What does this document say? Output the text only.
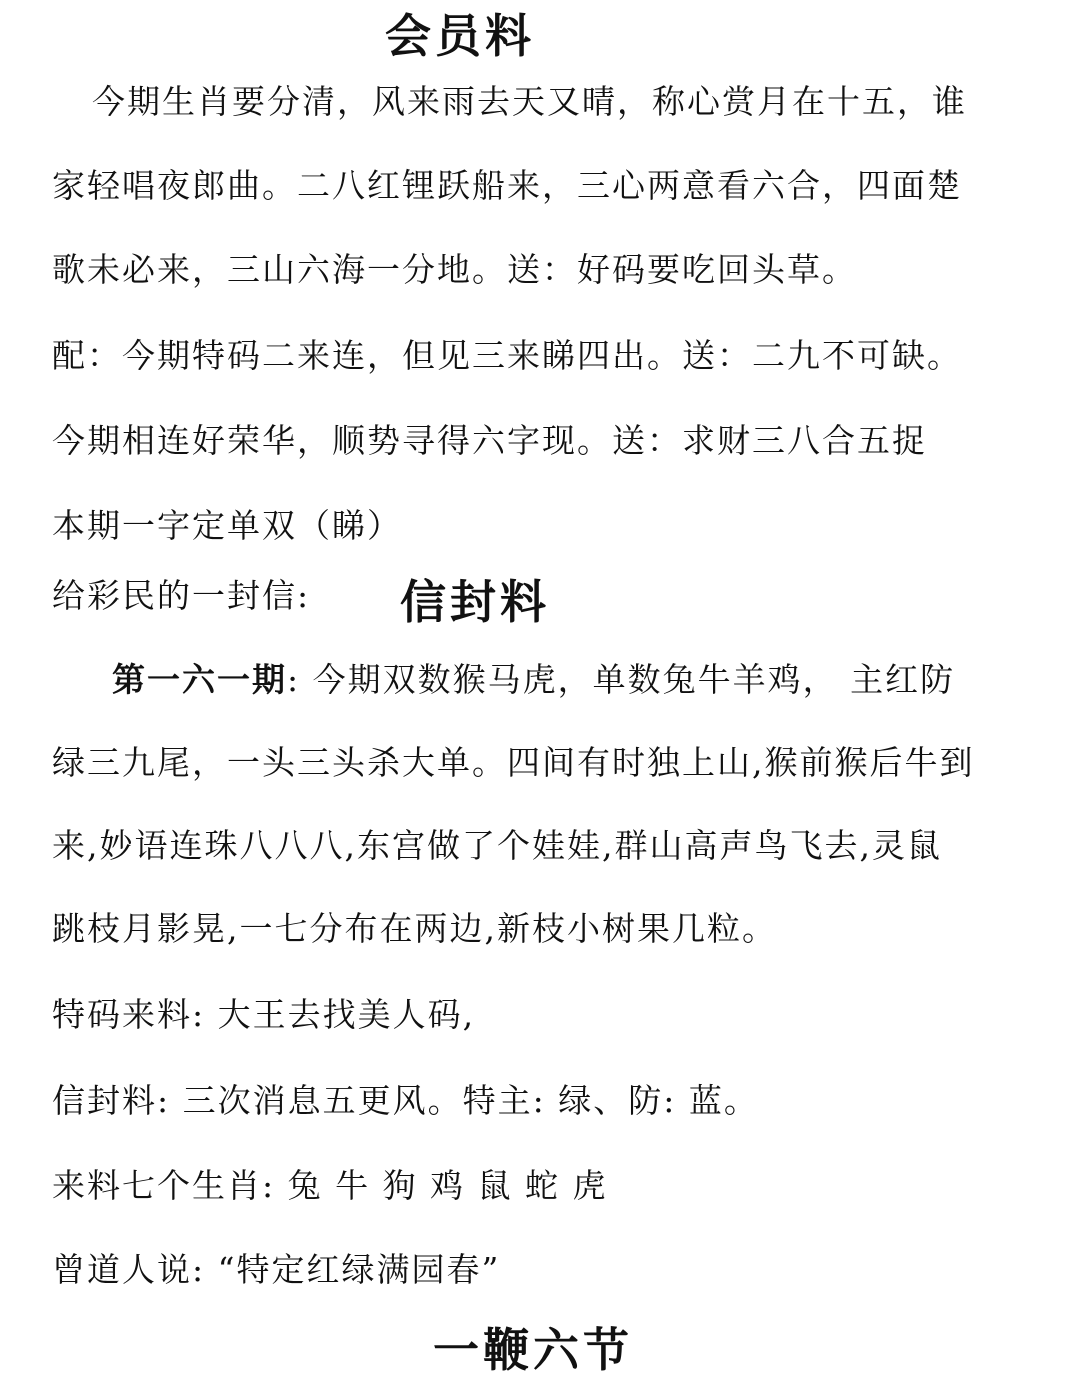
会员料
今期生肖要分清，风来雨去天又晴，称心赏月在十五，谁
家轻唱夜郎曲。二八红锂跃船来，三心两意看六合，四面楚
歌未必来，三山六海一分地。送：好码要吃回头草。
配：今期特码二来连，但见三来睇四出。送：二九不可缺。
今期相连好荣华，顺势寻得六字现。送：求财三八合五捉
本期一字定单双（睇）
给彩民的一封信:	信封料
第一六一期: 今期双数猴马虎，单数兔牛羊鸡， 主红防
绿三九尾，一头三头杀大单。四间有时独上山,猴前猴后牛到
来,妙语连珠八八八,东宫做了个娃娃,群山高声鸟飞去,灵鼠
跳枝月影晃,一七分布在两边,新枝小树果几粒。
特码来料: 大王去找美人码,
信封料: 三次消息五更风。特主: 绿、防: 蓝。
来料七个生肖: 兔 牛 狗 鸡 鼠 蛇 虎
曾道人说: “特定红绿满园春”
一鞭六节
